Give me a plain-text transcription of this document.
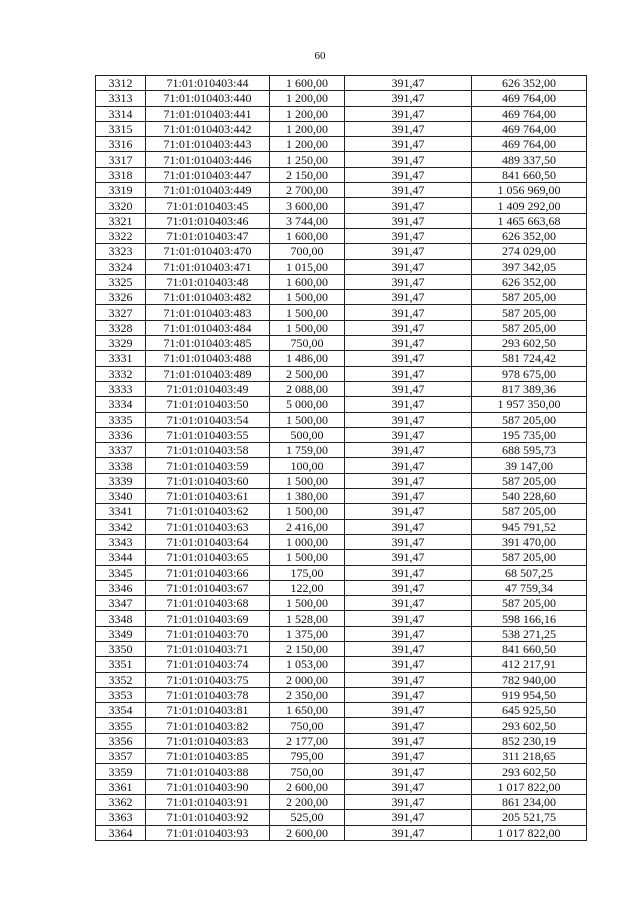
60
3312	71:01:010403:44	1 600,00	391,47	626 352,00
3313	71:01:010403:440	1 200,00	391,47	469 764,00
3314	71:01:010403:441	1 200,00	391,47	469 764,00
3315	71:01:010403:442	1 200,00	391,47	469 764,00
3316	71:01:010403:443	1 200,00	391,47	469 764,00
3317	71:01:010403:446	1 250,00	391,47	489 337,50
3318	71:01:010403:447	2 150,00	391,47	841 660,50
3319	71:01:010403:449	2 700,00	391,47	1 056 969,00
3320	71:01:010403:45	3 600,00	391,47	1 409 292,00
3321	71:01:010403:46	3 744,00	391,47	1 465 663,68
3322	71:01:010403:47	1 600,00	391,47	626 352,00
3323	71:01:010403:470	700,00	391,47	274 029,00
3324	71:01:010403:471	1 015,00	391,47	397 342,05
3325	71:01:010403:48	1 600,00	391,47	626 352,00
3326	71:01:010403:482	1 500,00	391,47	587 205,00
3327	71:01:010403:483	1 500,00	391,47	587 205,00
3328	71:01:010403:484	1 500,00	391,47	587 205,00
3329	71:01:010403:485	750,00	391,47	293 602,50
3331	71:01:010403:488	1 486,00	391,47	581 724,42
3332	71:01:010403:489	2 500,00	391,47	978 675,00
3333	71:01:010403:49	2 088,00	391,47	817 389,36
3334	71:01:010403:50	5 000,00	391,47	1 957 350,00
3335	71:01:010403:54	1 500,00	391,47	587 205,00
3336	71:01:010403:55	500,00	391,47	195 735,00
3337	71:01:010403:58	1 759,00	391,47	688 595,73
3338	71:01:010403:59	100,00	391,47	39 147,00
3339	71:01:010403:60	1 500,00	391,47	587 205,00
3340	71:01:010403:61	1 380,00	391,47	540 228,60
3341	71:01:010403:62	1 500,00	391,47	587 205,00
3342	71:01:010403:63	2 416,00	391,47	945 791,52
3343	71:01:010403:64	1 000,00	391,47	391 470,00
3344	71:01:010403:65	1 500,00	391,47	587 205,00
3345	71:01:010403:66	175,00	391,47	68 507,25
3346	71:01:010403:67	122,00	391,47	47 759,34
3347	71:01:010403:68	1 500,00	391,47	587 205,00
3348	71:01:010403:69	1 528,00	391,47	598 166,16
3349	71:01:010403:70	1 375,00	391,47	538 271,25
3350	71:01:010403:71	2 150,00	391,47	841 660,50
3351	71:01:010403:74	1 053,00	391,47	412 217,91
3352	71:01:010403:75	2 000,00	391,47	782 940,00
3353	71:01:010403:78	2 350,00	391,47	919 954,50
3354	71:01:010403:81	1 650,00	391,47	645 925,50
3355	71:01:010403:82	750,00	391,47	293 602,50
3356	71:01:010403:83	2 177,00	391,47	852 230,19
3357	71:01:010403:85	795,00	391,47	311 218,65
3359	71:01:010403:88	750,00	391,47	293 602,50
3361	71:01:010403:90	2 600,00	391,47	1 017 822,00
3362	71:01:010403:91	2 200,00	391,47	861 234,00
3363	71:01:010403:92	525,00	391,47	205 521,75
3364	71:01:010403:93	2 600,00	391,47	1 017 822,00
